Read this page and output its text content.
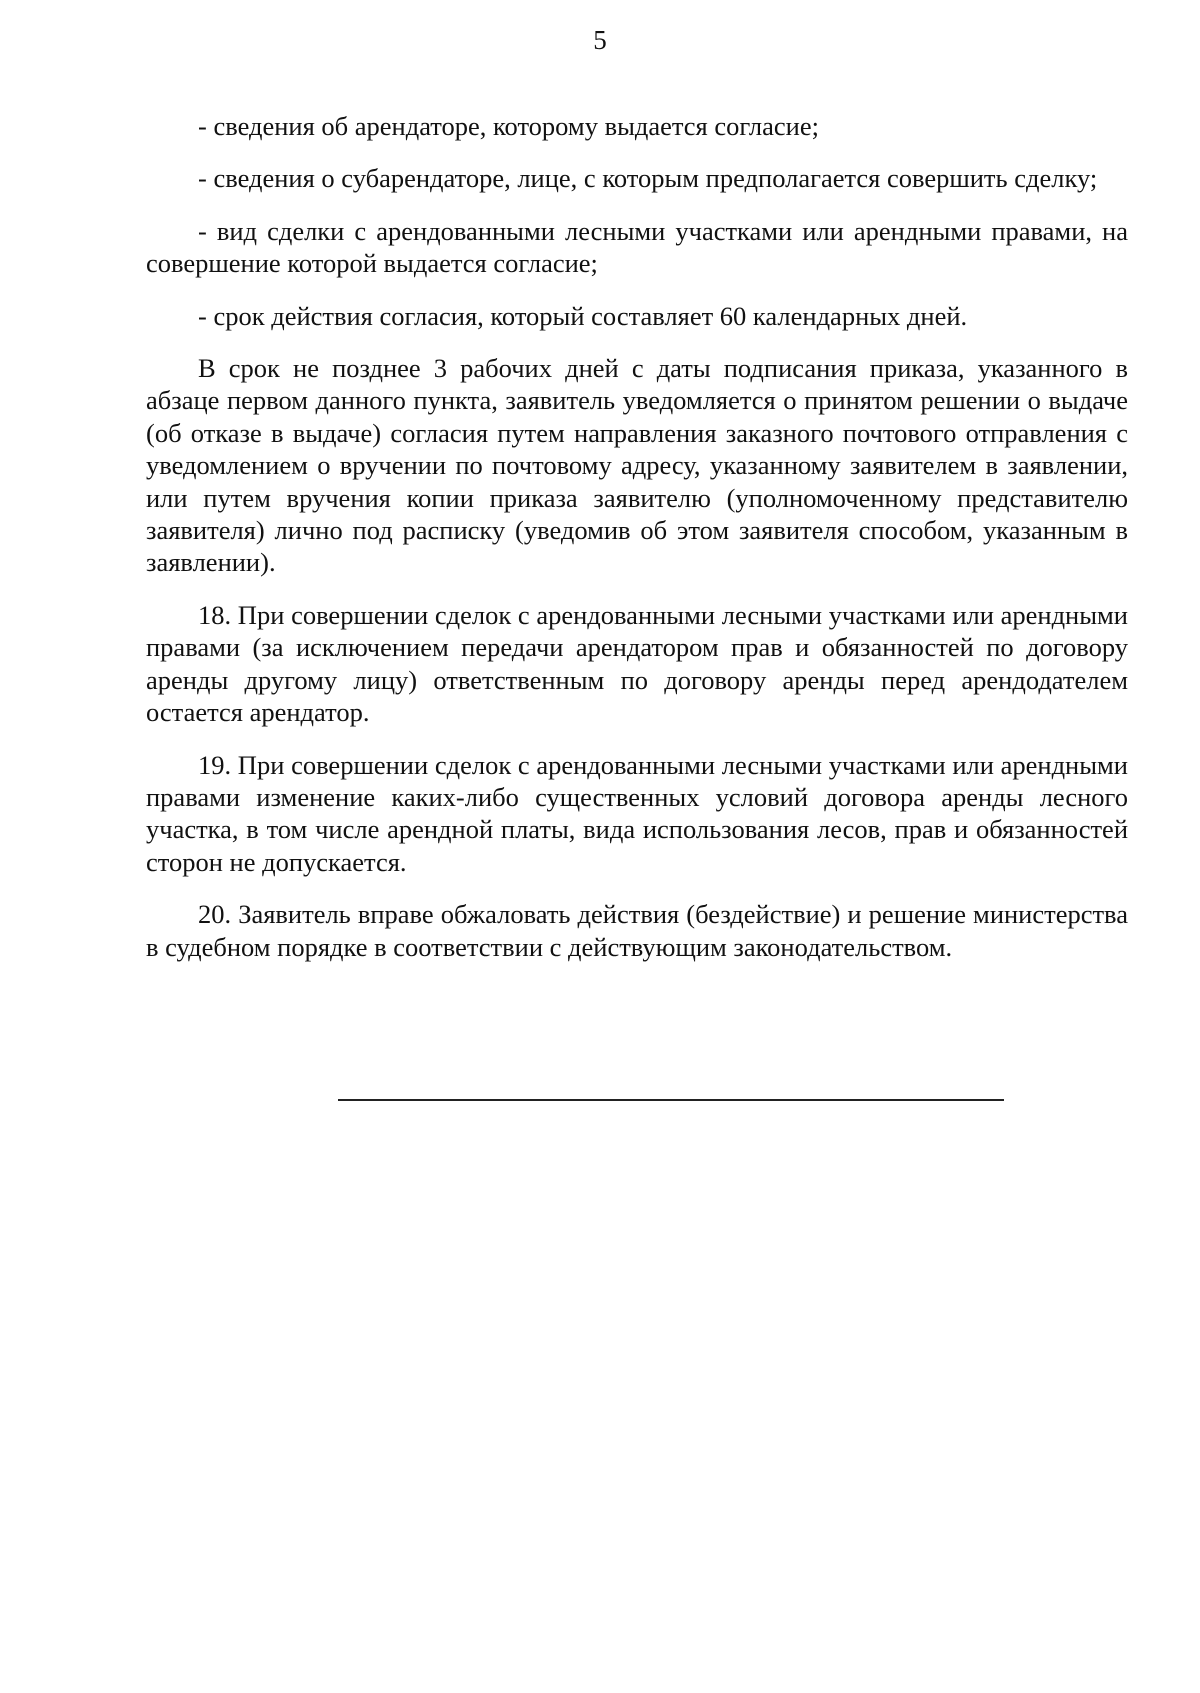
5

- сведения об арендаторе, которому выдается согласие;

- сведения о субарендаторе, лице, с которым предполагается совершить сделку;

- вид сделки с арендованными лесными участками или арендными правами, на совершение которой выдается согласие;

- срок действия согласия, который составляет 60 календарных дней.

В срок не позднее 3 рабочих дней с даты подписания приказа, указанного в абзаце первом данного пункта, заявитель уведомляется о принятом решении о выдаче (об отказе в выдаче) согласия путем направления заказного почтового отправления с уведомлением о вручении по почтовому адресу, указанному заявителем в заявлении, или путем вручения копии приказа заявителю (уполномоченному представителю заявителя) лично под расписку (уведомив об этом заявителя способом, указанным в заявлении).

18. При совершении сделок с арендованными лесными участками или арендными правами (за исключением передачи арендатором прав и обязанностей по договору аренды другому лицу) ответственным по договору аренды перед арендодателем остается арендатор.

19. При совершении сделок с арендованными лесными участками или арендными правами изменение каких-либо существенных условий договора аренды лесного участка, в том числе арендной платы, вида использования лесов, прав и обязанностей сторон не допускается.

20. Заявитель вправе обжаловать действия (бездействие) и решение министерства в судебном порядке в соответствии с действующим законодательством.
